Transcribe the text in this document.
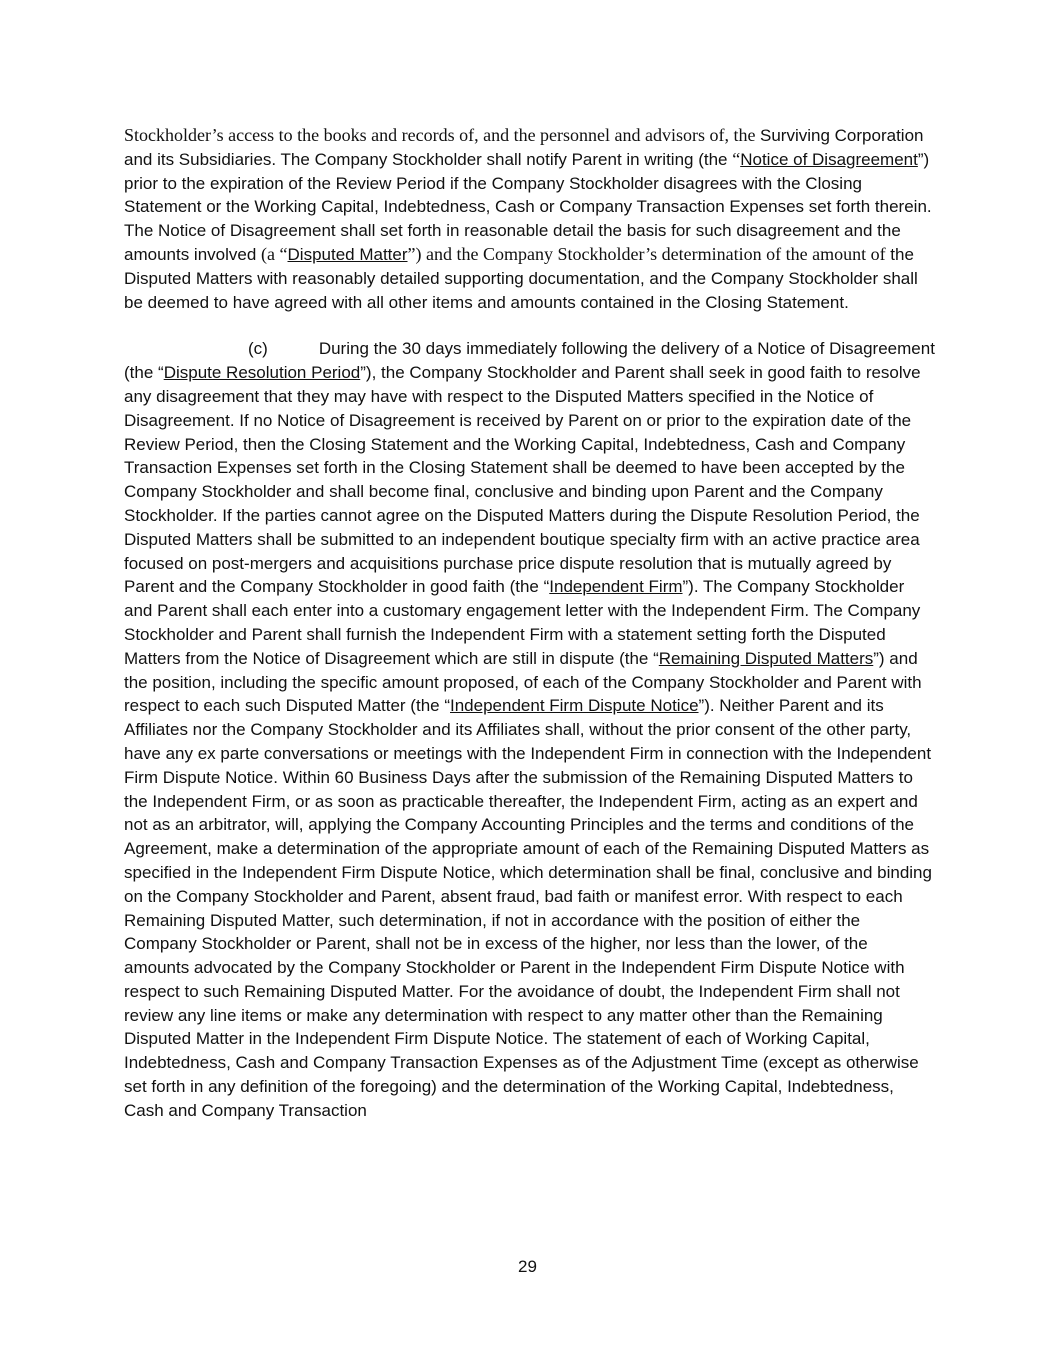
Stockholder’s access to the books and records of, and the personnel and advisors of, the Surviving Corporation and its Subsidiaries. The Company Stockholder shall notify Parent in writing (the “Notice of Disagreement”) prior to the expiration of the Review Period if the Company Stockholder disagrees with the Closing Statement or the Working Capital, Indebtedness, Cash or Company Transaction Expenses set forth therein. The Notice of Disagreement shall set forth in reasonable detail the basis for such disagreement and the amounts involved (a “Disputed Matter”) and the Company Stockholder’s determination of the amount of the Disputed Matters with reasonably detailed supporting documentation, and the Company Stockholder shall be deemed to have agreed with all other items and amounts contained in the Closing Statement.

(c)	During the 30 days immediately following the delivery of a Notice of Disagreement (the “Dispute Resolution Period”), the Company Stockholder and Parent shall seek in good faith to resolve any disagreement that they may have with respect to the Disputed Matters specified in the Notice of Disagreement. If no Notice of Disagreement is received by Parent on or prior to the expiration date of the Review Period, then the Closing Statement and the Working Capital, Indebtedness, Cash and Company Transaction Expenses set forth in the Closing Statement shall be deemed to have been accepted by the Company Stockholder and shall become final, conclusive and binding upon Parent and the Company Stockholder. If the parties cannot agree on the Disputed Matters during the Dispute Resolution Period, the Disputed Matters shall be submitted to an independent boutique specialty firm with an active practice area focused on post-mergers and acquisitions purchase price dispute resolution that is mutually agreed by Parent and the Company Stockholder in good faith (the “Independent Firm”). The Company Stockholder and Parent shall each enter into a customary engagement letter with the Independent Firm. The Company Stockholder and Parent shall furnish the Independent Firm with a statement setting forth the Disputed Matters from the Notice of Disagreement which are still in dispute (the “Remaining Disputed Matters”) and the position, including the specific amount proposed, of each of the Company Stockholder and Parent with respect to each such Disputed Matter (the “Independent Firm Dispute Notice”). Neither Parent and its Affiliates nor the Company Stockholder and its Affiliates shall, without the prior consent of the other party, have any ex parte conversations or meetings with the Independent Firm in connection with the Independent Firm Dispute Notice. Within 60 Business Days after the submission of the Remaining Disputed Matters to the Independent Firm, or as soon as practicable thereafter, the Independent Firm, acting as an expert and not as an arbitrator, will, applying the Company Accounting Principles and the terms and conditions of the Agreement, make a determination of the appropriate amount of each of the Remaining Disputed Matters as specified in the Independent Firm Dispute Notice, which determination shall be final, conclusive and binding on the Company Stockholder and Parent, absent fraud, bad faith or manifest error. With respect to each Remaining Disputed Matter, such determination, if not in accordance with the position of either the Company Stockholder or Parent, shall not be in excess of the higher, nor less than the lower, of the amounts advocated by the Company Stockholder or Parent in the Independent Firm Dispute Notice with respect to such Remaining Disputed Matter. For the avoidance of doubt, the Independent Firm shall not review any line items or make any determination with respect to any matter other than the Remaining Disputed Matter in the Independent Firm Dispute Notice. The statement of each of Working Capital, Indebtedness, Cash and Company Transaction Expenses as of the Adjustment Time (except as otherwise set forth in any definition of the foregoing) and the determination of the Working Capital, Indebtedness, Cash and Company Transaction

29
